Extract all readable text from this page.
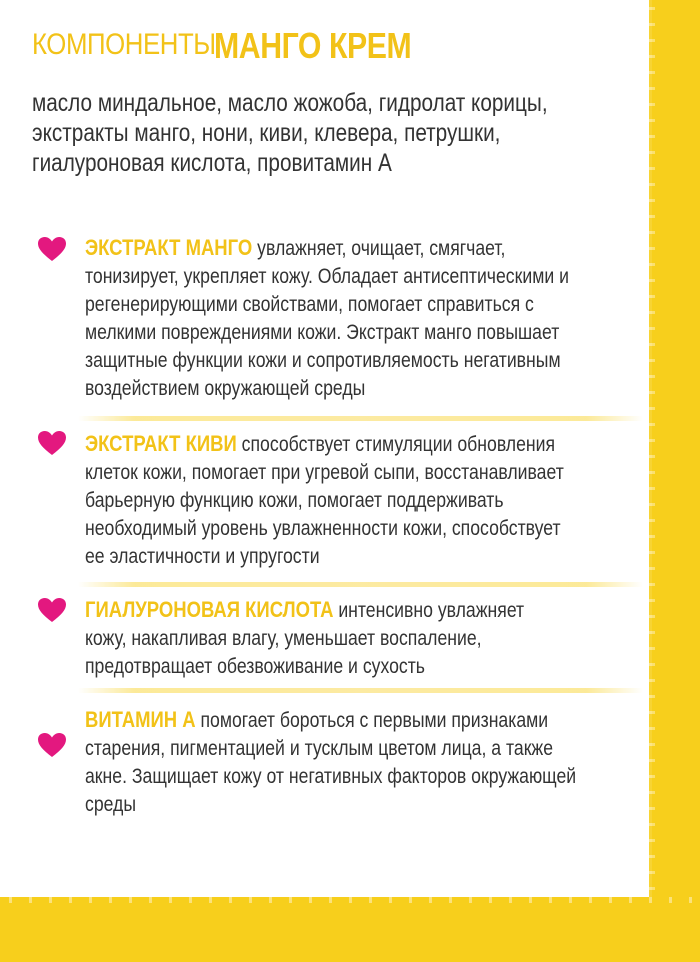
КОМПОНЕНТЫ
МАНГО КРЕМ
масло миндальное, масло жожоба, гидролат корицы,
экстракты манго, нони, киви, клевера, петрушки,
гиалуроновая кислота, провитамин А
ЭКСТРАКТ МАНГО увлажняет, очищает, смягчает,
тонизирует, укрепляет кожу. Обладает антисептическими и
регенерирующими свойствами, помогает справиться с
мелкими повреждениями кожи. Экстракт манго повышает
защитные функции кожи и сопротивляемость негативным
воздействием окружающей среды
ЭКСТРАКТ КИВИ способствует стимуляции обновления
клеток кожи, помогает при угревой сыпи, восстанавливает
барьерную функцию кожи, помогает поддерживать
необходимый уровень увлажненности кожи, способствует
ее эластичности и упругости
ГИАЛУРОНОВАЯ КИСЛОТА интенсивно увлажняет
кожу, накапливая влагу, уменьшает воспаление,
предотвращает обезвоживание и сухость
ВИТАМИН А помогает бороться с первыми признаками
старения, пигментацией и тусклым цветом лица, а также
акне. Защищает кожу от негативных факторов окружающей
среды
